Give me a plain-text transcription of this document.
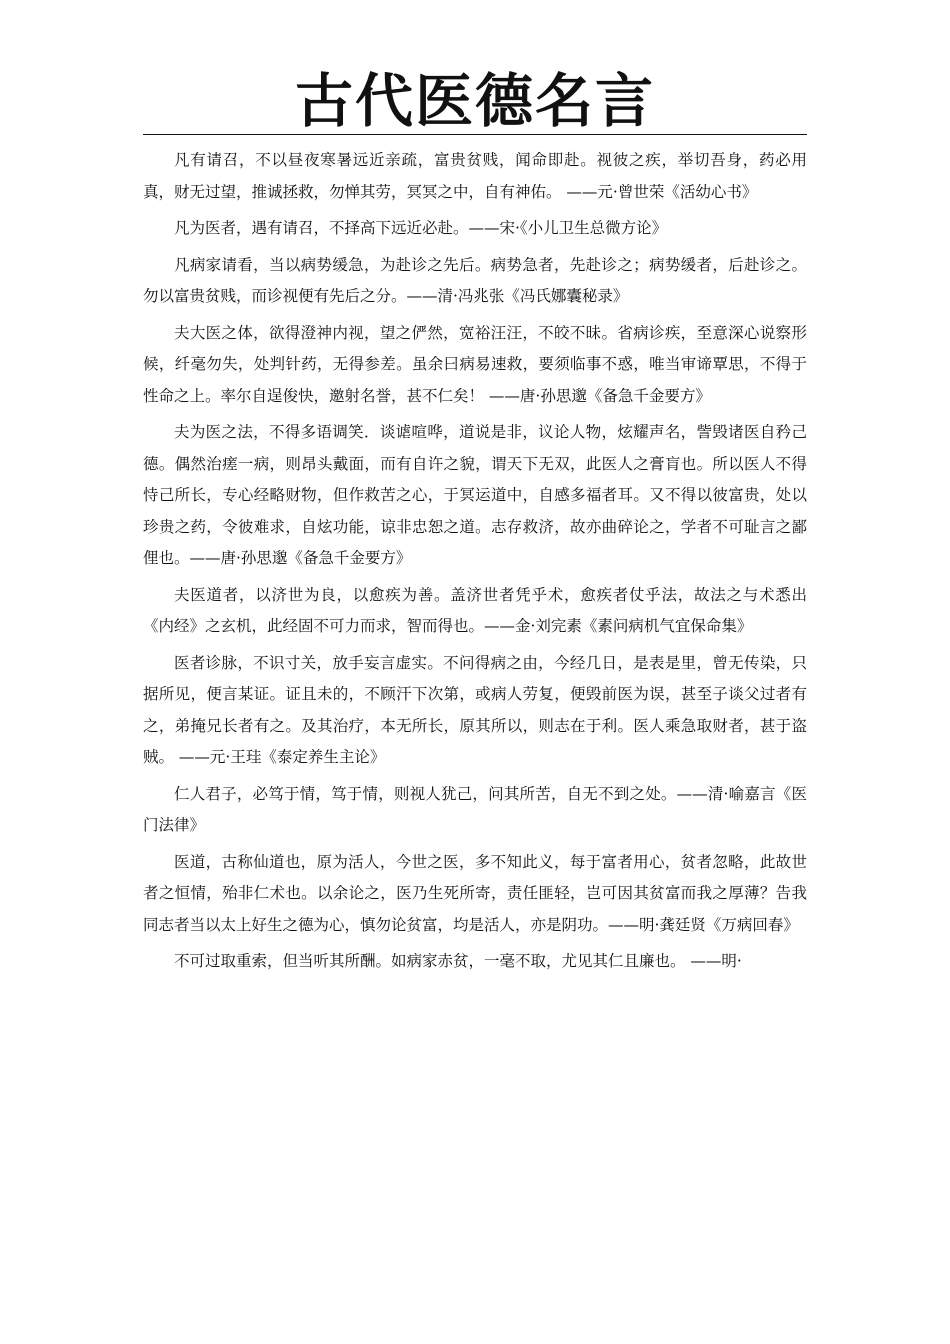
古代医德名言

凡有请召，不以昼夜寒暑远近亲疏，富贵贫贱，闻命即赴。视彼之疾，举切吾身，药必用真，财无过望，推诚拯救，勿惮其劳，冥冥之中，自有神佑。 ——元·曾世荣《活幼心书》

凡为医者，遇有请召，不择高下远近必赴。——宋·《小儿卫生总微方论》

凡病家请看，当以病势缓急，为赴诊之先后。病势急者，先赴诊之；病势缓者，后赴诊之。勿以富贵贫贱，而诊视便有先后之分。——清·冯兆张《冯氏娜囊秘录》

夫大医之体，欲得澄神内视，望之俨然，宽裕汪汪，不皎不昧。省病诊疾，至意深心说察形候，纤毫勿失，处判针药，无得参差。虽余曰病易速救，要须临事不惑，唯当审谛覃思，不得于性命之上。率尔自逞俊快，邀射名誉，甚不仁矣！ ——唐·孙思邈《备急千金要方》

夫为医之法，不得多语调笑．谈谑喧哗，道说是非，议论人物，炫耀声名，訾毁诸医自矜己德。偶然治瘥一病，则昂头戴面，而有自许之貌，谓天下无双，此医人之膏肓也。所以医人不得恃己所长，专心经略财物，但作救苦之心，于冥运道中，自感多福者耳。又不得以彼富贵，处以珍贵之药，令彼难求，自炫功能，谅非忠恕之道。志存救济，故亦曲碎论之，学者不可耻言之鄙俚也。——唐·孙思邈《备急千金要方》

夫医道者，以济世为良，以愈疾为善。盖济世者凭乎术，愈疾者仗乎法，故法之与术悉出《内经》之玄机，此经固不可力而求，智而得也。——金·刘完素《素问病机气宜保命集》

医者诊脉，不识寸关，放手妄言虚实。不问得病之由，今经几日，是表是里，曾无传染，只据所见，便言某证。证且未的，不顾汗下次第，或病人劳复，便毁前医为误，甚至子谈父过者有之，弟掩兄长者有之。及其治疗，本无所长，原其所以，则志在于利。医人乘急取财者，甚于盗贼。 ——元·王珪《泰定养生主论》

仁人君子，必笃于情，笃于情，则视人犹己，问其所苦，自无不到之处。——清·喻嘉言《医门法律》

医道，古称仙道也，原为活人，今世之医，多不知此义，每于富者用心，贫者忽略，此故世者之恒情，殆非仁术也。以余论之，医乃生死所寄，责任匪轻，岂可因其贫富而我之厚薄？告我同志者当以太上好生之德为心，慎勿论贫富，均是活人，亦是阴功。——明·龚廷贤《万病回春》

不可过取重索，但当听其所酬。如病家赤贫，一毫不取，尤见其仁且廉也。 ——明·
